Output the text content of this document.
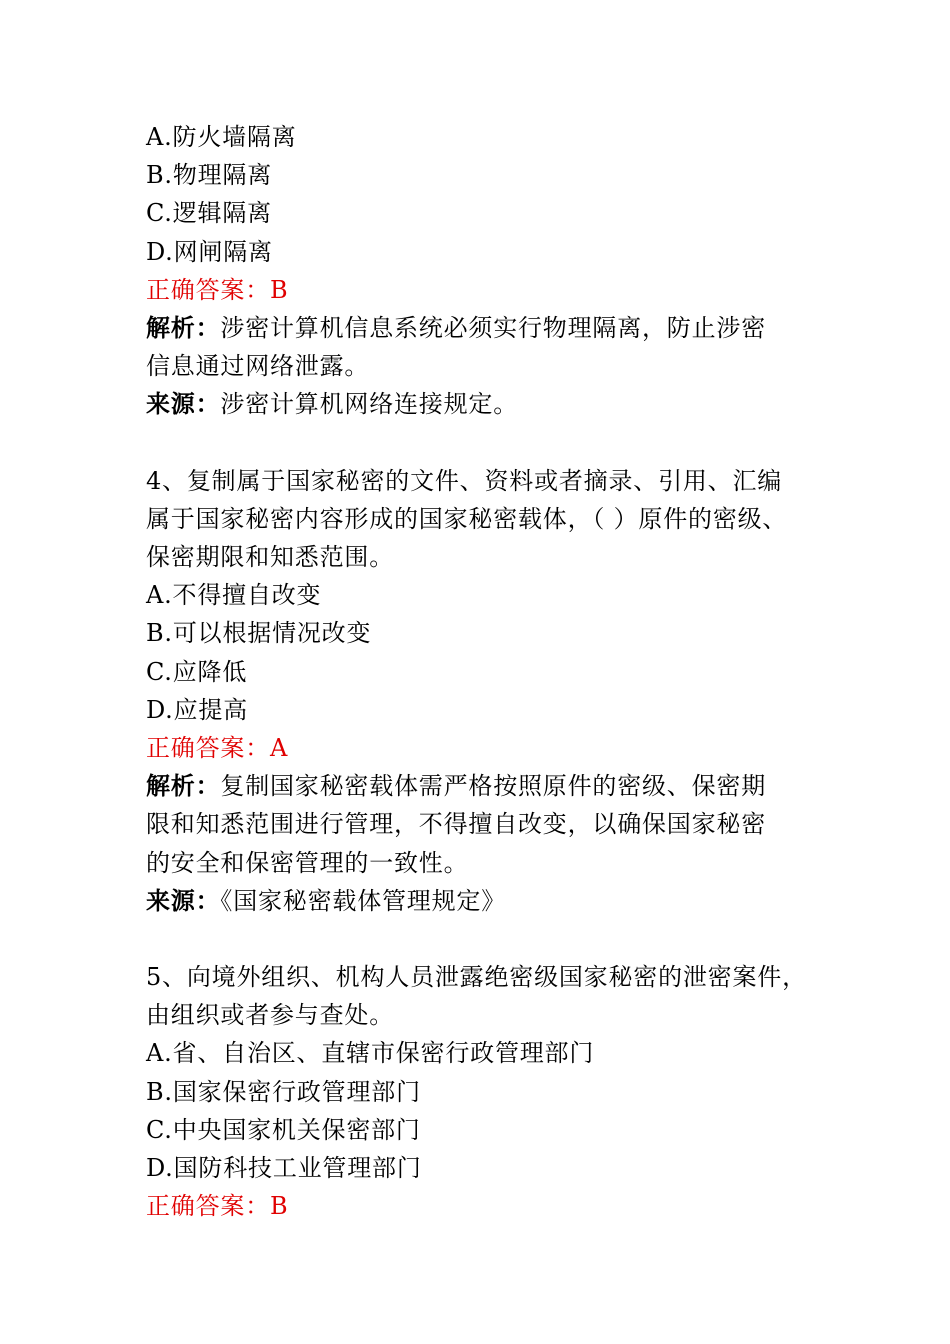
A.防火墙隔离
B.物理隔离
C.逻辑隔离
D.网闸隔离
正确答案：B
解析：涉密计算机信息系统必须实行物理隔离，防止涉密
信息通过网络泄露。
来源：涉密计算机网络连接规定。
4、复制属于国家秘密的文件、资料或者摘录、引用、汇编
属于国家秘密内容形成的国家秘密载体，（ ）原件的密级、
保密期限和知悉范围。
A.不得擅自改变
B.可以根据情况改变
C.应降低
D.应提高
正确答案：A
解析：复制国家秘密载体需严格按照原件的密级、保密期
限和知悉范围进行管理，不得擅自改变，以确保国家秘密
的安全和保密管理的一致性。
来源：《国家秘密载体管理规定》
5、向境外组织、机构人员泄露绝密级国家秘密的泄密案件，
由组织或者参与查处。
A.省、自治区、直辖市保密行政管理部门
B.国家保密行政管理部门
C.中央国家机关保密部门
D.国防科技工业管理部门
正确答案：B
